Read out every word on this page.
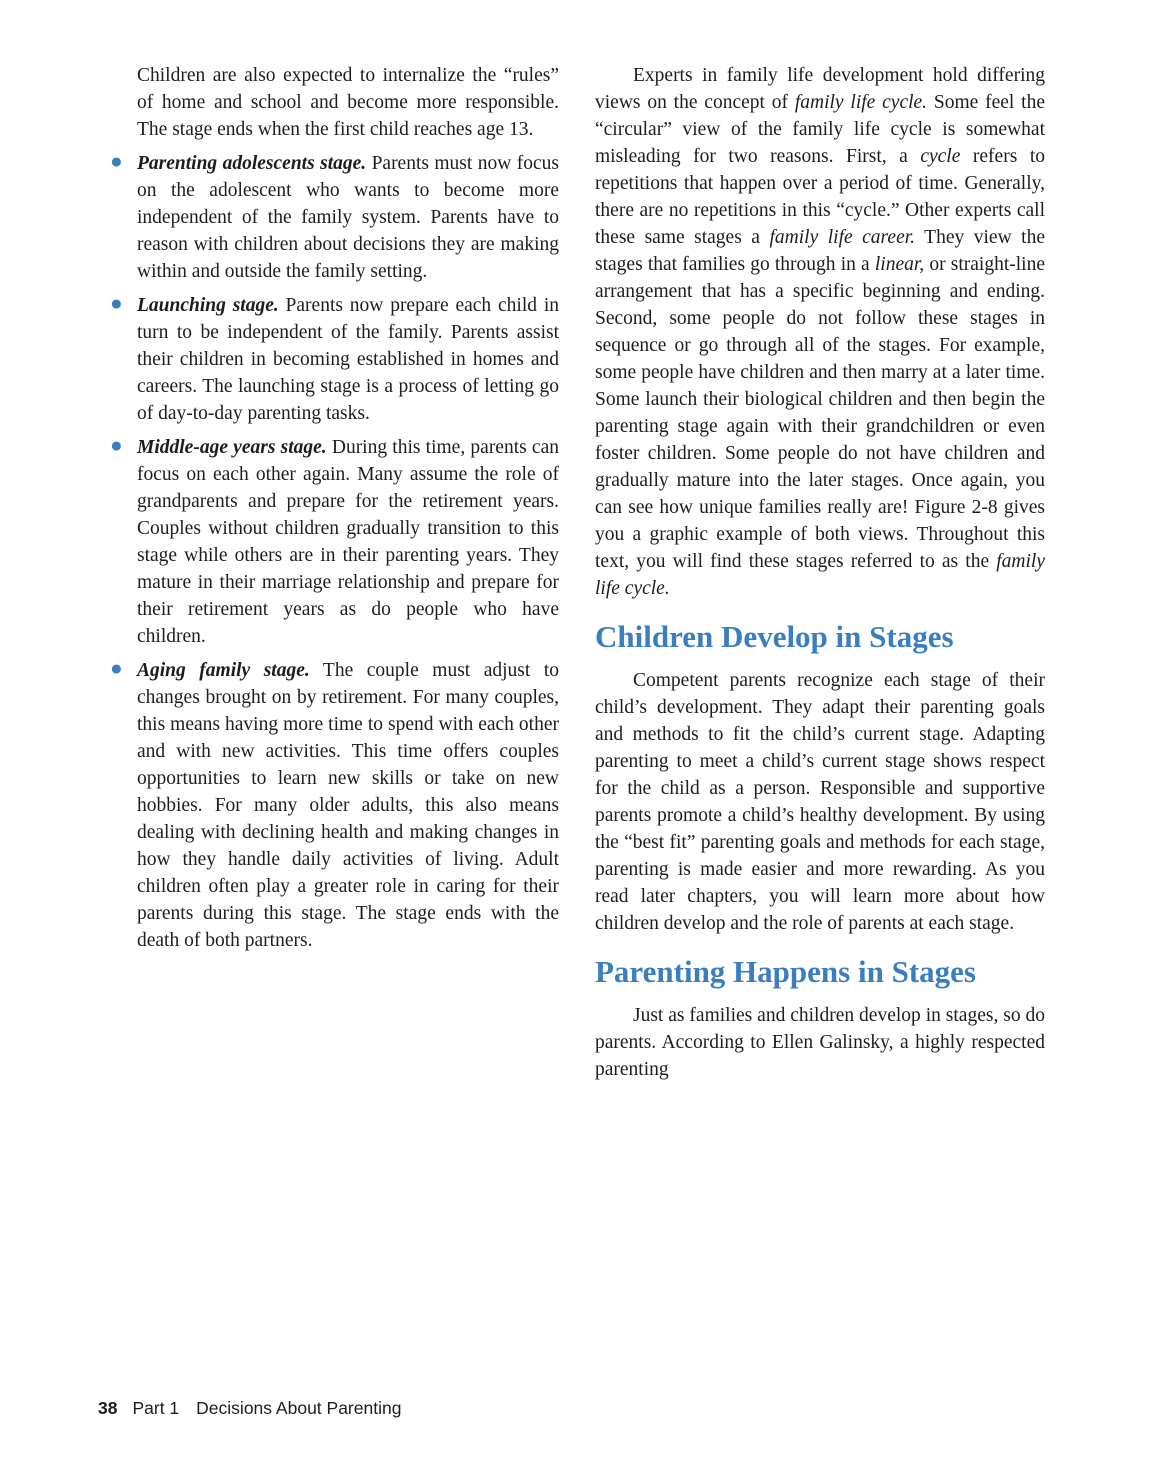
Children are also expected to internalize the “rules” of home and school and become more responsible. The stage ends when the first child reaches age 13.

● Parenting adolescents stage. Parents must now focus on the adolescent who wants to become more independent of the family system. Parents have to reason with children about decisions they are making within and outside the family setting.
● Launching stage. Parents now prepare each child in turn to be independent of the family. Parents assist their children in becoming established in homes and careers. The launching stage is a process of letting go of day-to-day parenting tasks.
● Middle-age years stage. During this time, parents can focus on each other again. Many assume the role of grandparents and prepare for the retirement years. Couples without children gradually transition to this stage while others are in their parenting years. They mature in their marriage relationship and prepare for their retirement years as do people who have children.
● Aging family stage. The couple must adjust to changes brought on by retirement. For many couples, this means having more time to spend with each other and with new activities. This time offers couples opportunities to learn new skills or take on new hobbies. For many older adults, this also means dealing with declining health and making changes in how they handle daily activities of living. Adult children often play a greater role in caring for their parents during this stage. The stage ends with the death of both partners.

Experts in family life development hold differing views on the concept of family life cycle. Some feel the “circular” view of the family life cycle is somewhat misleading for two reasons. First, a cycle refers to repetitions that happen over a period of time. Generally, there are no repetitions in this “cycle.” Other experts call these same stages a family life career. They view the stages that families go through in a linear, or straight-line arrangement that has a specific beginning and ending. Second, some people do not follow these stages in sequence or go through all of the stages. For example, some people have children and then marry at a later time. Some launch their biological children and then begin the parenting stage again with their grandchildren or even foster children. Some people do not have children and gradually mature into the later stages. Once again, you can see how unique families really are! Figure 2-8 gives you a graphic example of both views. Throughout this text, you will find these stages referred to as the family life cycle.

Children Develop in Stages

Competent parents recognize each stage of their child’s development. They adapt their parenting goals and methods to fit the child’s current stage. Adapting parenting to meet a child’s current stage shows respect for the child as a person. Responsible and supportive parents promote a child’s healthy development. By using the “best fit” parenting goals and methods for each stage, parenting is made easier and more rewarding. As you read later chapters, you will learn more about how children develop and the role of parents at each stage.

Parenting Happens in Stages

Just as families and children develop in stages, so do parents. According to Ellen Galinsky, a highly respected parenting

38 Part 1 Decisions About Parenting
